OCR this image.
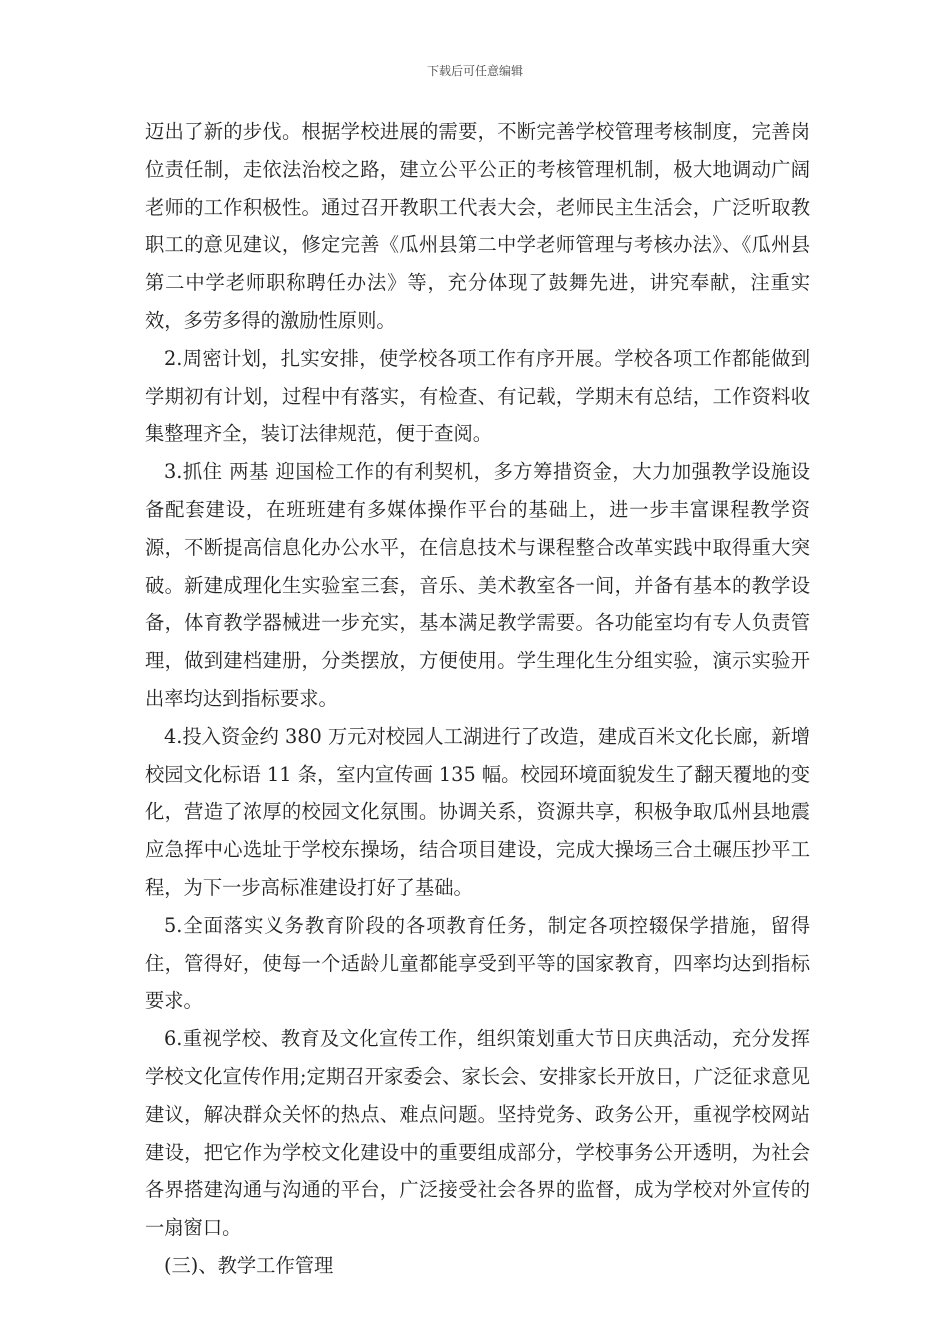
下载后可任意编辑

迈出了新的步伐。根据学校进展的需要，不断完善学校管理考核制度，完善岗位责任制，走依法治校之路，建立公平公正的考核管理机制，极大地调动广阔老师的工作积极性。通过召开教职工代表大会，老师民主生活会，广泛听取教职工的意见建议，修定完善《瓜州县第二中学老师管理与考核办法》、《瓜州县第二中学老师职称聘任办法》等，充分体现了鼓舞先进，讲究奉献，注重实效，多劳多得的激励性原则。

2.周密计划，扎实安排，使学校各项工作有序开展。学校各项工作都能做到学期初有计划，过程中有落实，有检查、有记载，学期末有总结，工作资料收集整理齐全，装订法律规范，便于查阅。

3.抓住 两基 迎国检工作的有利契机，多方筹措资金，大力加强教学设施设备配套建设，在班班建有多媒体操作平台的基础上，进一步丰富课程教学资源，不断提高信息化办公水平，在信息技术与课程整合改革实践中取得重大突破。新建成理化生实验室三套，音乐、美术教室各一间，并备有基本的教学设备，体育教学器械进一步充实，基本满足教学需要。各功能室均有专人负责管理，做到建档建册，分类摆放，方便使用。学生理化生分组实验，演示实验开出率均达到指标要求。

4.投入资金约 380 万元对校园人工湖进行了改造，建成百米文化长廊，新增校园文化标语 11 条，室内宣传画 135 幅。校园环境面貌发生了翻天覆地的变化，营造了浓厚的校园文化氛围。协调关系，资源共享，积极争取瓜州县地震应急挥中心选址于学校东操场，结合项目建设，完成大操场三合土碾压抄平工程，为下一步高标准建设打好了基础。

5.全面落实义务教育阶段的各项教育任务，制定各项控辍保学措施，留得住，管得好，使每一个适龄儿童都能享受到平等的国家教育，四率均达到指标要求。

6.重视学校、教育及文化宣传工作，组织策划重大节日庆典活动，充分发挥学校文化宣传作用;定期召开家委会、家长会、安排家长开放日，广泛征求意见建议，解决群众关怀的热点、难点问题。坚持党务、政务公开，重视学校网站建设，把它作为学校文化建设中的重要组成部分，学校事务公开透明，为社会各界搭建沟通与沟通的平台，广泛接受社会各界的监督，成为学校对外宣传的一扇窗口。

(三)、教学工作管理
